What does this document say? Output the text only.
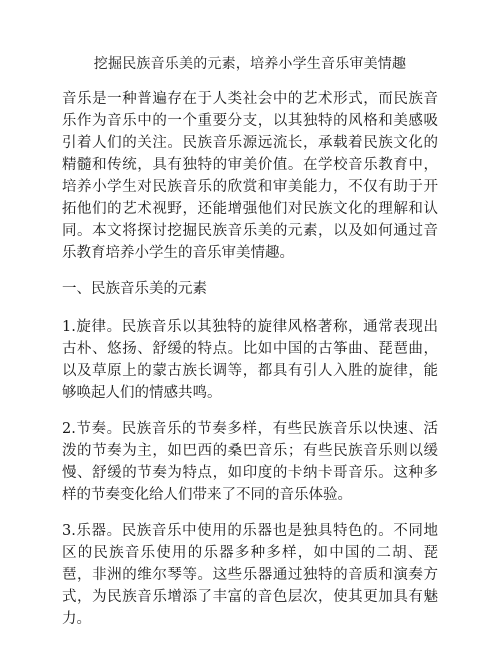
挖掘民族音乐美的元素，培养小学生音乐审美情趣

音乐是一种普遍存在于人类社会中的艺术形式，而民族音乐作为音乐中的一个重要分支，以其独特的风格和美感吸引着人们的关注。民族音乐源远流长，承载着民族文化的精髓和传统，具有独特的审美价值。在学校音乐教育中，培养小学生对民族音乐的欣赏和审美能力，不仅有助于开拓他们的艺术视野，还能增强他们对民族文化的理解和认同。本文将探讨挖掘民族音乐美的元素，以及如何通过音乐教育培养小学生的音乐审美情趣。

一、民族音乐美的元素

1.旋律。民族音乐以其独特的旋律风格著称，通常表现出古朴、悠扬、舒缓的特点。比如中国的古筝曲、琵琶曲，以及草原上的蒙古族长调等，都具有引人入胜的旋律，能够唤起人们的情感共鸣。

2.节奏。民族音乐的节奏多样，有些民族音乐以快速、活泼的节奏为主，如巴西的桑巴音乐；有些民族音乐则以缓慢、舒缓的节奏为特点，如印度的卡纳卡哥音乐。这种多样的节奏变化给人们带来了不同的音乐体验。

3.乐器。民族音乐中使用的乐器也是独具特色的。不同地区的民族音乐使用的乐器多种多样，如中国的二胡、琵琶，非洲的维尔琴等。这些乐器通过独特的音质和演奏方式，为民族音乐增添了丰富的音色层次，使其更加具有魅力。
